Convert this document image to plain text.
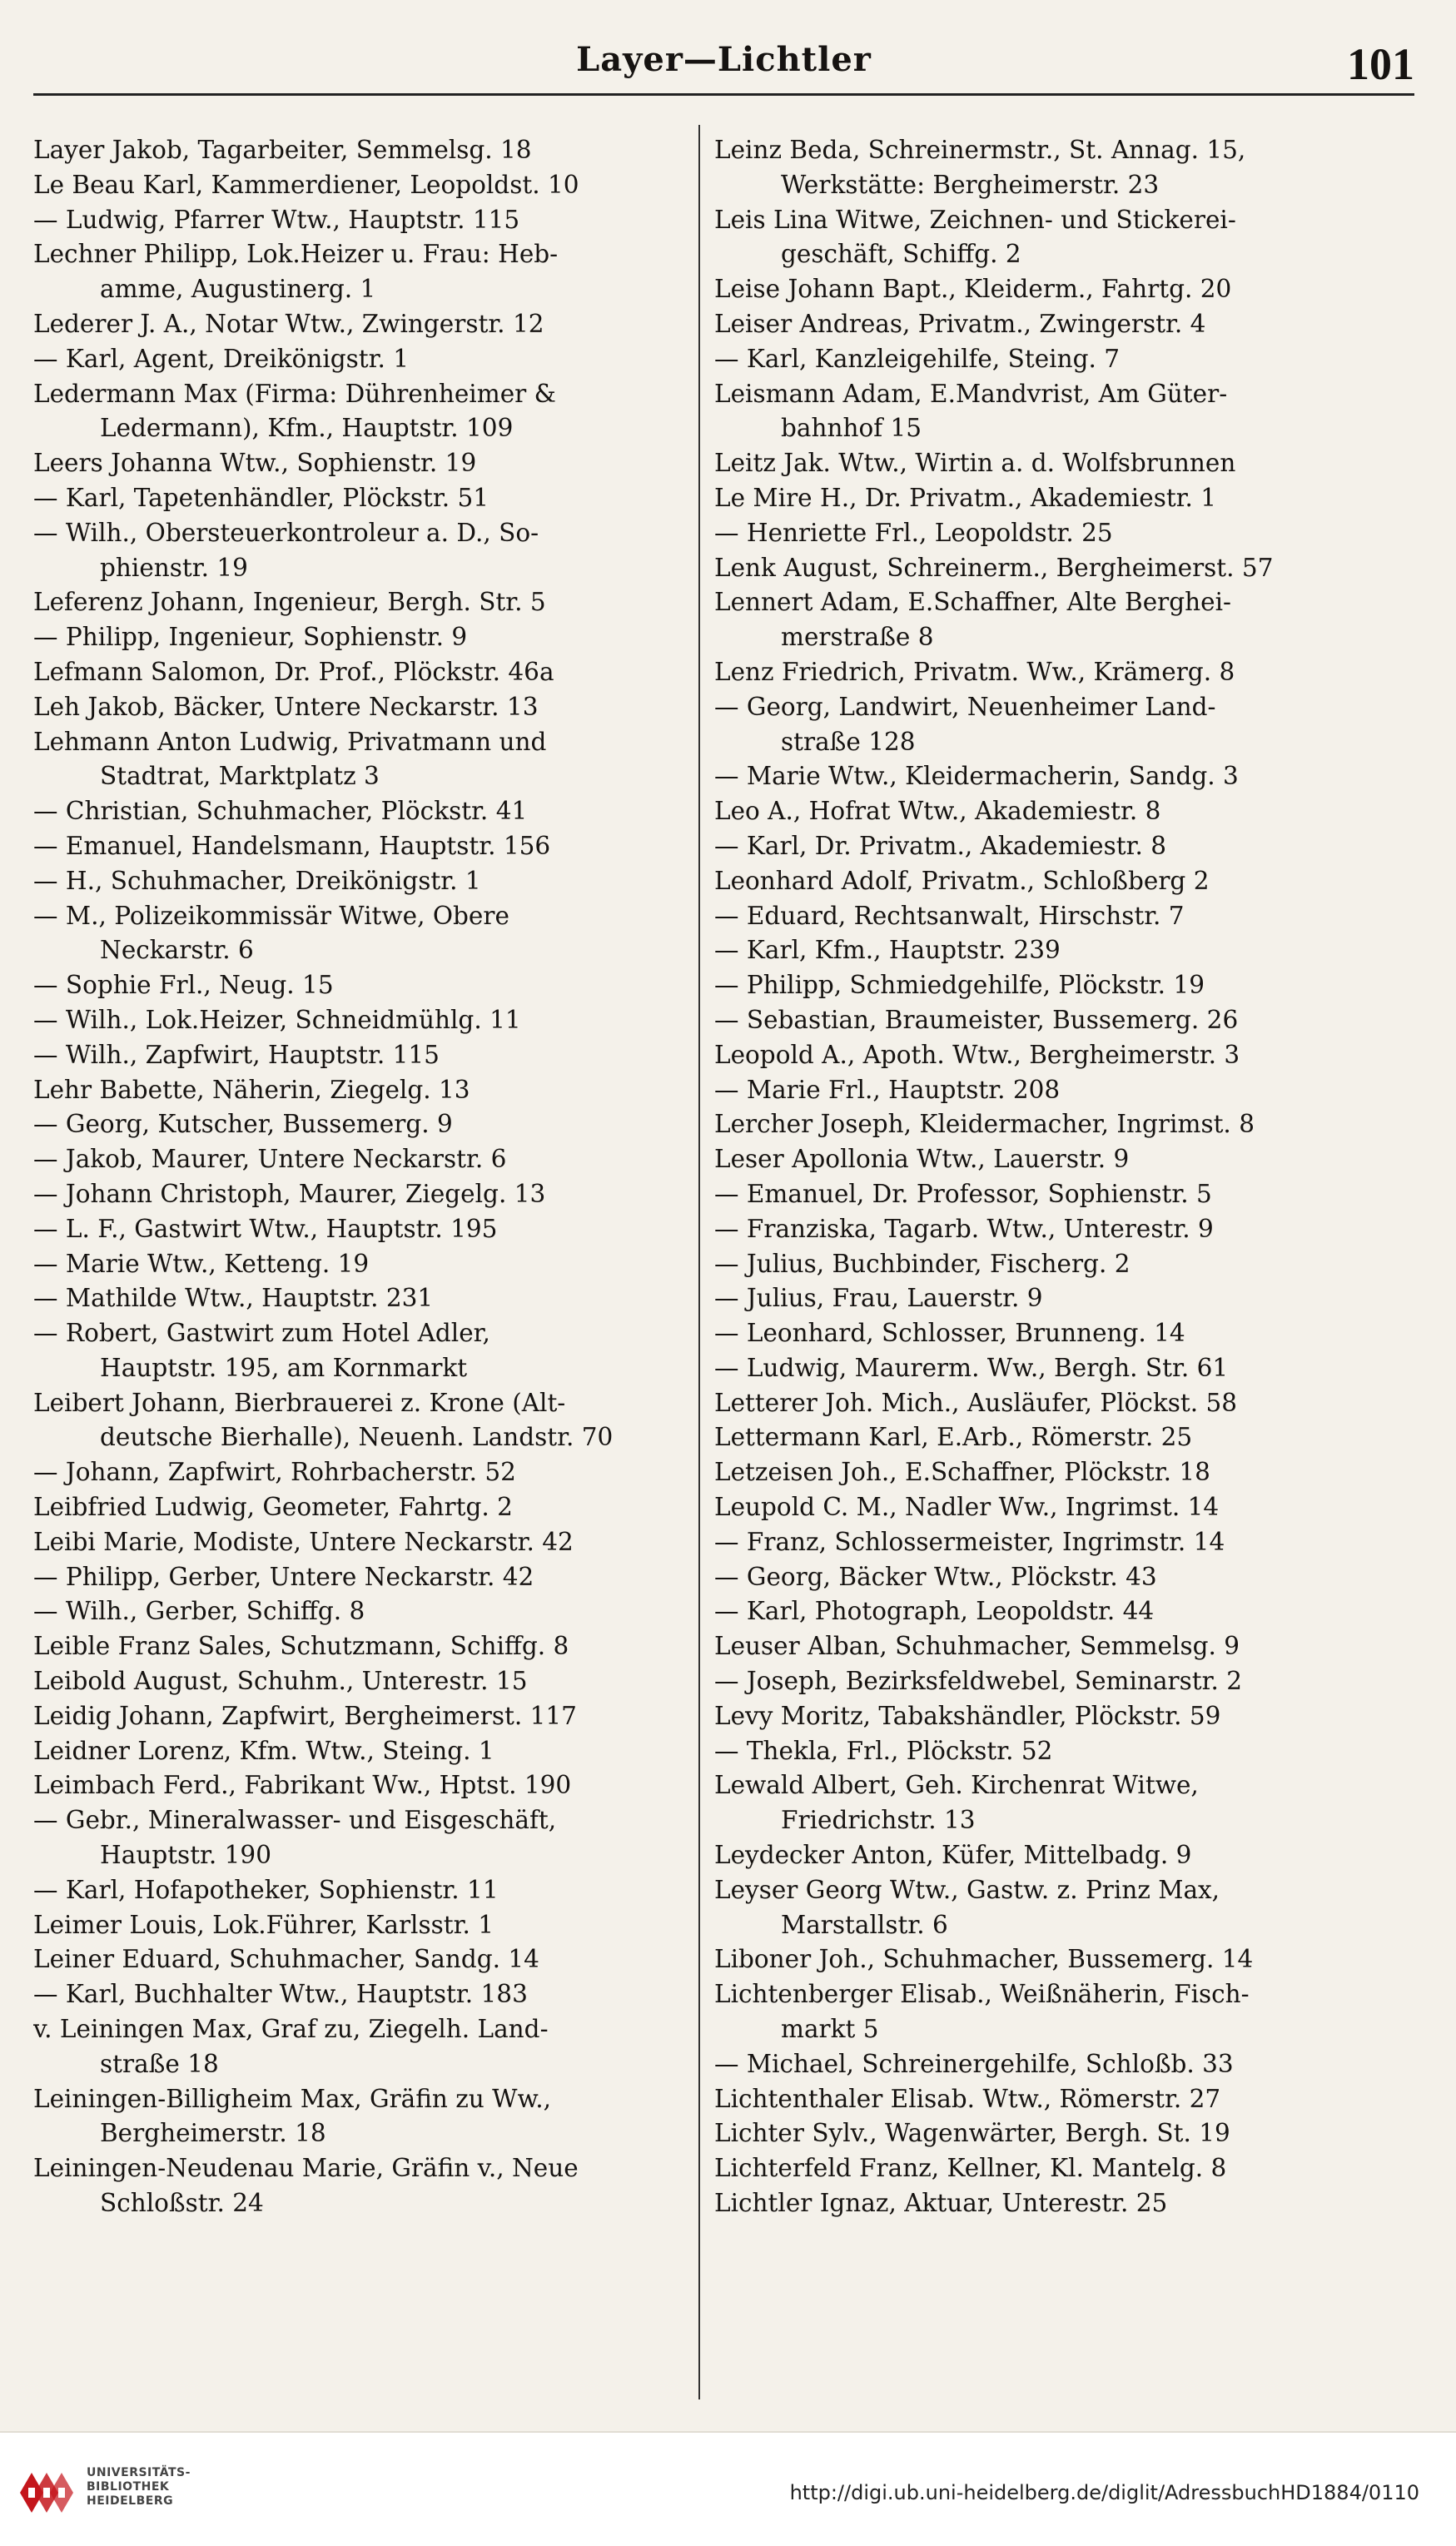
Layer—Lichtler	101
Layer Jakob, Tagarbeiter, Semmelsg. 18
Le Beau Karl, Kammerdiener, Leopoldst. 10
— Ludwig, Pfarrer Wtw., Hauptstr. 115
Lechner Philipp, Lok.Heizer u. Frau: Heb-
amme, Augustinerg. 1
Lederer J. A., Notar Wtw., Zwingerstr. 12
— Karl, Agent, Dreikönigstr. 1
Ledermann Max (Firma: Dührenheimer &
Ledermann), Kfm., Hauptstr. 109
Leers Johanna Wtw., Sophienstr. 19
— Karl, Tapetenhändler, Plöckstr. 51
— Wilh., Obersteuerkontroleur a. D., So-
phienstr. 19
Leferenz Johann, Ingenieur, Bergh. Str. 5
— Philipp, Ingenieur, Sophienstr. 9
Lefmann Salomon, Dr. Prof., Plöckstr. 46a
Leh Jakob, Bäcker, Untere Neckarstr. 13
Lehmann Anton Ludwig, Privatmann und
Stadtrat, Marktplatz 3
— Christian, Schuhmacher, Plöckstr. 41
— Emanuel, Handelsmann, Hauptstr. 156
— H., Schuhmacher, Dreikönigstr. 1
— M., Polizeikommissär Witwe, Obere
Neckarstr. 6
— Sophie Frl., Neug. 15
— Wilh., Lok.Heizer, Schneidmühlg. 11
— Wilh., Zapfwirt, Hauptstr. 115
Lehr Babette, Näherin, Ziegelg. 13
— Georg, Kutscher, Bussemerg. 9
— Jakob, Maurer, Untere Neckarstr. 6
— Johann Christoph, Maurer, Ziegelg. 13
— L. F., Gastwirt Wtw., Hauptstr. 195
— Marie Wtw., Ketteng. 19
— Mathilde Wtw., Hauptstr. 231
— Robert, Gastwirt zum Hotel Adler,
Hauptstr. 195, am Kornmarkt
Leibert Johann, Bierbrauerei z. Krone (Alt-
deutsche Bierhalle), Neuenh. Landstr. 70
— Johann, Zapfwirt, Rohrbacherstr. 52
Leibfried Ludwig, Geometer, Fahrtg. 2
Leibi Marie, Modiste, Untere Neckarstr. 42
— Philipp, Gerber, Untere Neckarstr. 42
— Wilh., Gerber, Schiffg. 8
Leible Franz Sales, Schutzmann, Schiffg. 8
Leibold August, Schuhm., Unterestr. 15
Leidig Johann, Zapfwirt, Bergheimerst. 117
Leidner Lorenz, Kfm. Wtw., Steing. 1
Leimbach Ferd., Fabrikant Ww., Hptst. 190
— Gebr., Mineralwasser- und Eisgeschäft,
Hauptstr. 190
— Karl, Hofapotheker, Sophienstr. 11
Leimer Louis, Lok.Führer, Karlsstr. 1
Leiner Eduard, Schuhmacher, Sandg. 14
— Karl, Buchhalter Wtw., Hauptstr. 183
v. Leiningen Max, Graf zu, Ziegelh. Land-
straße 18
Leiningen-Billigheim Max, Gräfin zu Ww.,
Bergheimerstr. 18
Leiningen-Neudenau Marie, Gräfin v., Neue
Schloßstr. 24
Leinz Beda, Schreinermstr., St. Annag. 15,
Werkstätte: Bergheimerstr. 23
Leis Lina Witwe, Zeichnen- und Stickerei-
geschäft, Schiffg. 2
Leise Johann Bapt., Kleiderm., Fahrtg. 20
Leiser Andreas, Privatm., Zwingerstr. 4
— Karl, Kanzleigehilfe, Steing. 7
Leismann Adam, E.Mandvrist, Am Güter-
bahnhof 15
Leitz Jak. Wtw., Wirtin a. d. Wolfsbrunnen
Le Mire H., Dr. Privatm., Akademiestr. 1
— Henriette Frl., Leopoldstr. 25
Lenk August, Schreinerm., Bergheimerst. 57
Lennert Adam, E.Schaffner, Alte Berghei-
merstraße 8
Lenz Friedrich, Privatm. Ww., Krämerg. 8
— Georg, Landwirt, Neuenheimer Land-
straße 128
— Marie Wtw., Kleidermacherin, Sandg. 3
Leo A., Hofrat Wtw., Akademiestr. 8
— Karl, Dr. Privatm., Akademiestr. 8
Leonhard Adolf, Privatm., Schloßberg 2
— Eduard, Rechtsanwalt, Hirschstr. 7
— Karl, Kfm., Hauptstr. 239
— Philipp, Schmiedgehilfe, Plöckstr. 19
— Sebastian, Braumeister, Bussemerg. 26
Leopold A., Apoth. Wtw., Bergheimerstr. 3
— Marie Frl., Hauptstr. 208
Lercher Joseph, Kleidermacher, Ingrimst. 8
Leser Apollonia Wtw., Lauerstr. 9
— Emanuel, Dr. Professor, Sophienstr. 5
— Franziska, Tagarb. Wtw., Unterestr. 9
— Julius, Buchbinder, Fischerg. 2
— Julius, Frau, Lauerstr. 9
— Leonhard, Schlosser, Brunneng. 14
— Ludwig, Maurerm. Ww., Bergh. Str. 61
Letterer Joh. Mich., Ausläufer, Plöckst. 58
Lettermann Karl, E.Arb., Römerstr. 25
Letzeisen Joh., E.Schaffner, Plöckstr. 18
Leupold C. M., Nadler Ww., Ingrimst. 14
— Franz, Schlossermeister, Ingrimstr. 14
— Georg, Bäcker Wtw., Plöckstr. 43
— Karl, Photograph, Leopoldstr. 44
Leuser Alban, Schuhmacher, Semmelsg. 9
— Joseph, Bezirksfeldwebel, Seminarstr. 2
Levy Moritz, Tabakshändler, Plöckstr. 59
— Thekla, Frl., Plöckstr. 52
Lewald Albert, Geh. Kirchenrat Witwe,
Friedrichstr. 13
Leydecker Anton, Küfer, Mittelbadg. 9
Leyser Georg Wtw., Gastw. z. Prinz Max,
Marstallstr. 6
Liboner Joh., Schuhmacher, Bussemerg. 14
Lichtenberger Elisab., Weißnäherin, Fisch-
markt 5
— Michael, Schreinergehilfe, Schloßb. 33
Lichtenthaler Elisab. Wtw., Römerstr. 27
Lichter Sylv., Wagenwärter, Bergh. St. 19
Lichterfeld Franz, Kellner, Kl. Mantelg. 8
Lichtler Ignaz, Aktuar, Unterestr. 25
UNIVERSITÄTS-
BIBLIOTHEK
HEIDELBERG	http://digi.ub.uni-heidelberg.de/diglit/AdressbuchHD1884/0110
